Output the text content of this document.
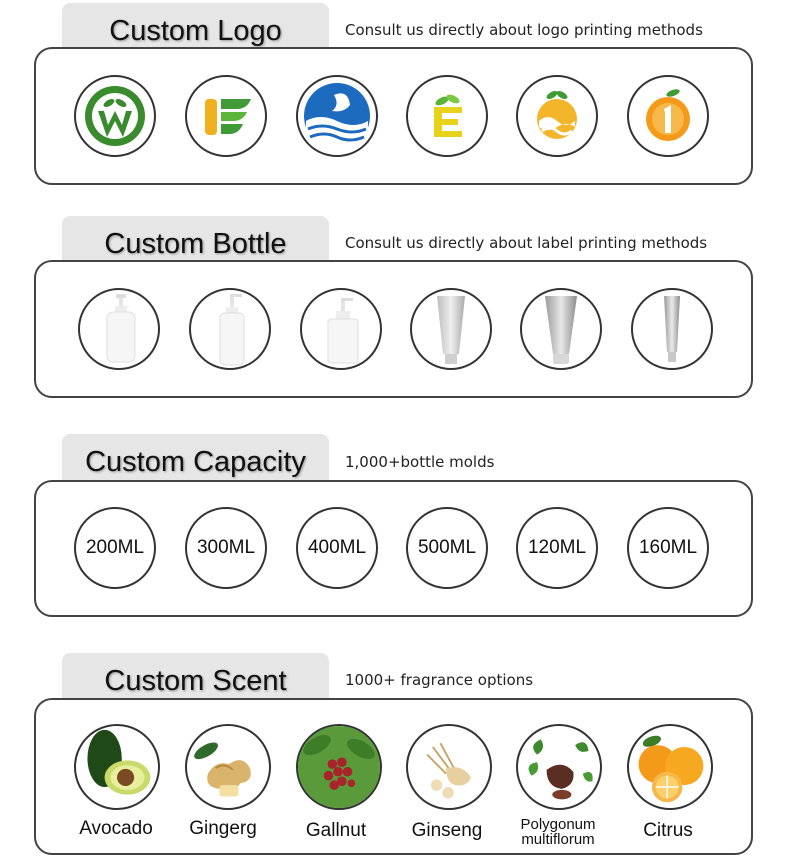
Custom Logo	Consult us directly about logo printing methods
Custom Bottle	Consult us directly about label printing methods
Custom Capacity	1,000+bottle molds
200ML	300ML	400ML	500ML	120ML	160ML
Custom Scent	1000+ fragrance options
Avocado	Gingerg	Gallnut	Ginseng	Polygonum multiflorum	Citrus
